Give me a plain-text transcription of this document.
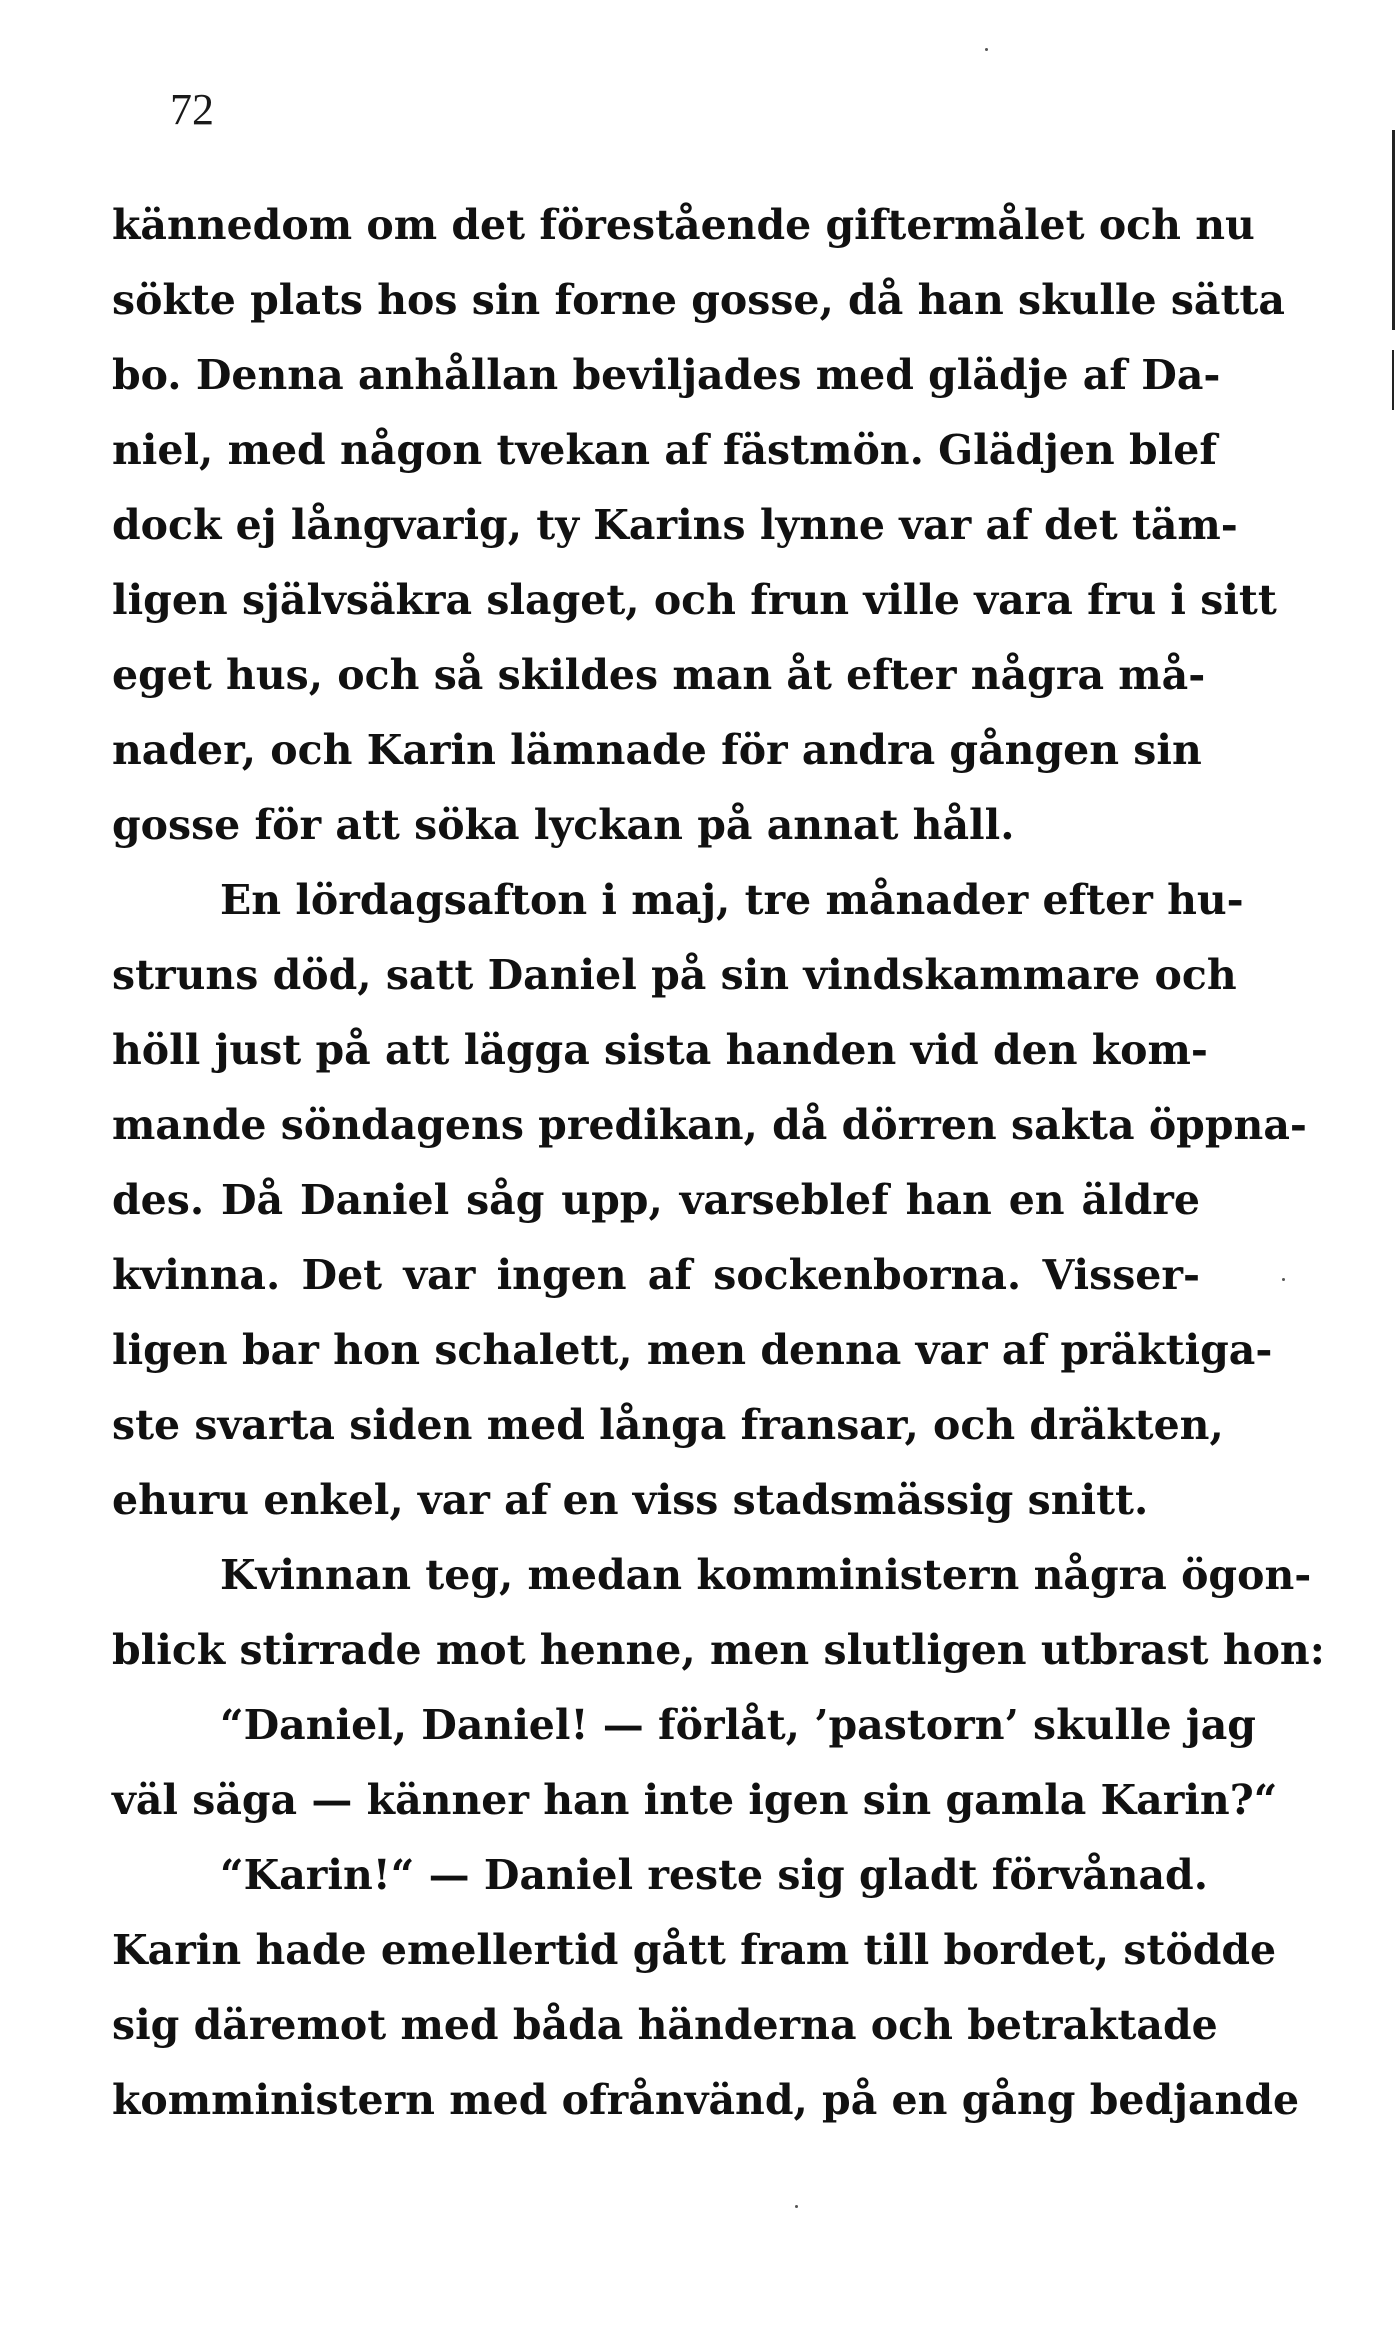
72
kännedom om det förestående giftermålet och nu
sökte plats hos sin forne gosse, då han skulle sätta
bo. Denna anhållan beviljades med glädje af Da-
niel, med någon tvekan af fästmön. Glädjen blef
dock ej långvarig, ty Karins lynne var af det täm-
ligen självsäkra slaget, och frun ville vara fru i sitt
eget hus, och så skildes man åt efter några må-
nader, och Karin lämnade för andra gången sin
gosse för att söka lyckan på annat håll.
En lördagsafton i maj, tre månader efter hu-
struns död, satt Daniel på sin vindskammare och
höll just på att lägga sista handen vid den kom-
mande söndagens predikan, då dörren sakta öppna-
des. Då Daniel såg upp, varseblef han en äldre
kvinna. Det var ingen af sockenborna. Visser-
ligen bar hon schalett, men denna var af präktiga-
ste svarta siden med långa fransar, och dräkten,
ehuru enkel, var af en viss stadsmässig snitt.
Kvinnan teg, medan komministern några ögon-
blick stirrade mot henne, men slutligen utbrast hon:
“Daniel, Daniel! — förlåt, ’pastorn’ skulle jag
väl säga — känner han inte igen sin gamla Karin?“
“Karin!“ — Daniel reste sig gladt förvånad.
Karin hade emellertid gått fram till bordet, stödde
sig däremot med båda händerna och betraktade
komministern med ofrånvänd, på en gång bedjande
